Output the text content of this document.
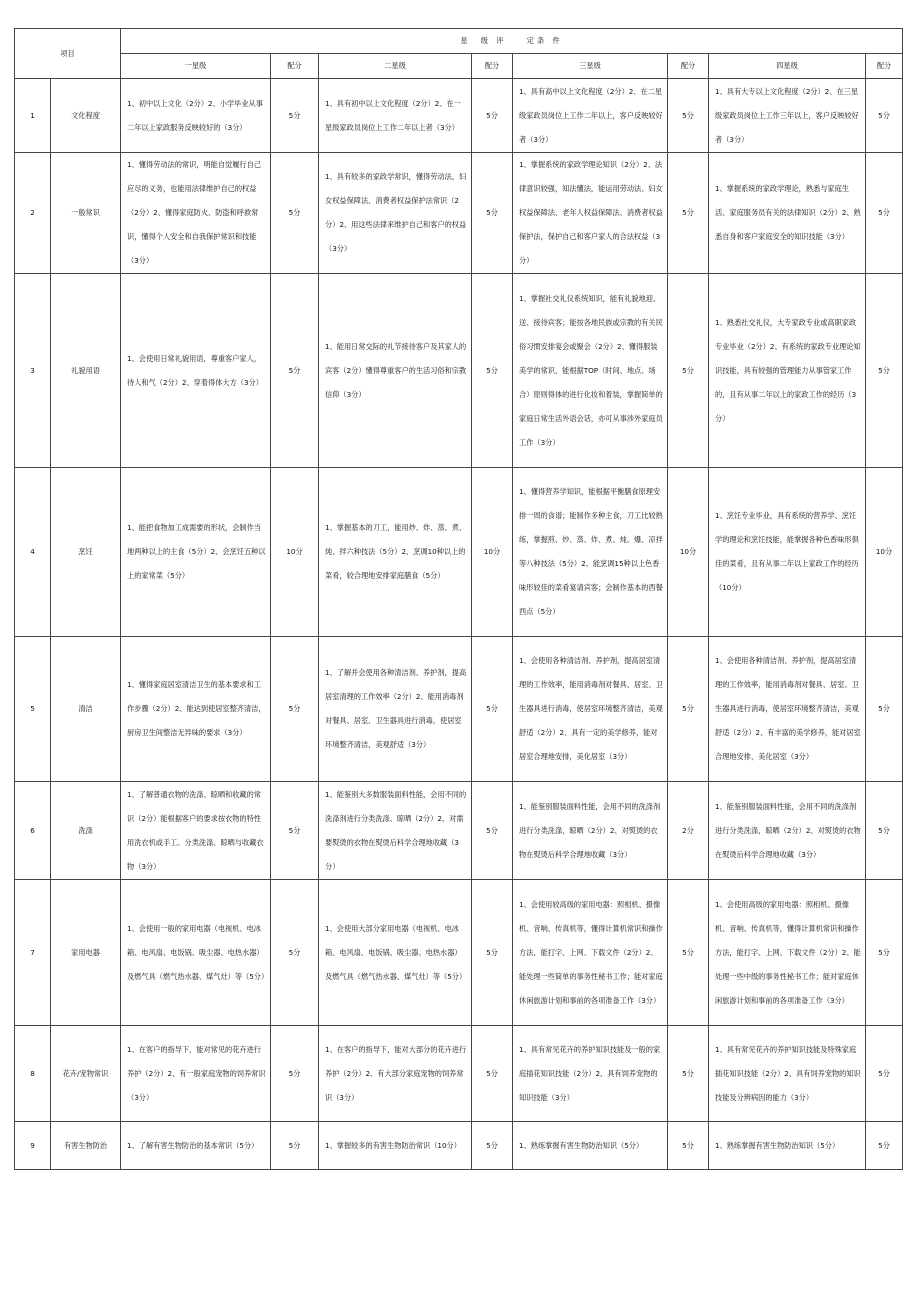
项目		星　级 评　　定条 件							
		一星级	配分	二星级	配分	三星级	配分	四星级	配分
1	文化程度	1、初中以上文化（2分）2、小学毕业从事二年以上家政服务反映较好的（3分）	5分	1、具有初中以上文化程度（2分）2、在一星级家政员岗位上工作二年以上者（3分）	5分	1、具有高中以上文化程度（2分）2、在二星级家政员岗位上工作二年以上，客户反映较好者（3分）	5分	1、具有大专以上文化程度（2分）2、在三星级家政员岗位上工作三年以上，客户反映较好者（3分）	5分
2	一般常识	1、懂得劳动法的常识，明能自觉履行自己应尽的义务，也能用法律维护自己的权益（2分）2、懂得家庭防火、防盗和呼救常识，懂得个人安全和自我保护常识和技能（3分）	5分	1、具有较多的家政学常识，懂得劳动法，妇女权益保障法、消费者权益保护法常识（2分）2、用这些法律来维护自己和客户的权益（3分）	5分	1、掌握系统的家政学理论知识（2分）2、法律意识较强，知法懂法，能运用劳动法、妇女权益保障法、老年人权益保障法、消费者权益保护法，保护自己和客户家人的合法权益（3分）	5分	1、掌握系统的家政学理论，熟悉与家庭生活、家庭服务员有关的法律知识（2分）2、熟悉自身和客户家庭安全的知识技能（3分）	5分
3	礼貌用语	1、会使用日常礼貌用语，尊重客户家人，待人和气（2分）2、穿着得体大方（3分）	5分	1、能用日常交际的礼节接待客户及其家人的宾客（2分）懂得尊重客户的生活习俗和宗教信仰（3分）	5分	1、掌握社交礼仪系统知识，能有礼貌地迎、送、接待宾客；能按各地民族或宗教的有关民俗习惯安排宴会或聚会（2分）2、懂得服装美学的常识，能根据TOP（时间、地点、场合）原则得体的进行化妆和着装，掌握简单的家庭日常生活外语会话，亦可从事涉外家庭员工作（3分）	5分	1、熟悉社交礼仪，大专家政专业或高职家政专业毕业（2分）2、有系统的家政专业理论知识技能，具有较强的管理能力从事管家工作的，且有从事二年以上的家政工作的经历（3分）	5分
4	烹饪	1、能把食物加工成需要的形状，会制作当地两种以上的主食（5分）2、会烹饪五种以上的家常菜（5分）	10分	1、掌握基本的刀工，能用炒、炸、蒸、煮、炖、拌六种技法（5分）2、烹调10种以上的菜肴，较合理地安排家庭膳食（5分）	10分	1、懂得营养学知识，能根据平衡膳食原理安排一周的食谱；能制作多种主食，刀工比较熟练，掌握煎、炒、蒸、炸、煮、炖、爆、凉拌等八种技法（5分）2、能烹调15种以上色香味形较佳的菜肴宴请宾客；会制作基本的西餐西点（5分）	10分	1、烹饪专业毕业，具有系统的营养学、烹饪学的理论和烹饪技能，能掌握各种色香味形俱佳的菜肴，且有从事二年以上家政工作的经历（10分）	10分
5	清洁	1、懂得家庭居室清洁卫生的基本要求和工作步骤（2分）2、能达到使居室整齐清洁，厨房卫生间整洁无异味的要求（3分）	5分	1、了解并会使用各种清洁剂、养护剂，提高居室清理的工作效率（2分）2、能用消毒剂对餐具、居室、卫生器具进行消毒，使居室环境整齐清洁，美观舒适（3分）	5分	1、会使用各种清洁剂、养护剂，提高居室清理的工作效率，能用消毒剂对餐具、居室、卫生器具进行消毒，使居室环境整齐清洁，美观舒适（2分）2、具有一定的美学修养，能对居室合理地安排，美化居室（3分）	5分	1、会使用各种清洁剂、养护剂，提高居室清理的工作效率，能用消毒剂对餐具、居室、卫生器具进行消毒，使居室环境整齐清洁，美观舒适（2分）2、有丰富的美学修养，能对居室合理地安排，美化居室（3分）	5分
6	洗涤	1、了解普通衣物的洗涤、晾晒和收藏的常识（2分）能根据客户的要求按衣物的特性用洗衣机或手工。分类洗涤、晾晒与收藏衣物（3分）	5分	1、能鉴别大多数服装面料性能，会用不同的洗涤剂进行分类洗涤、晾晒（2分）2、对需要熨烫的衣物在熨烫后科学合理地收藏（3分）	5分	1、能鉴别服装面料性能，会用不同的洗涤剂进行分类洗涤，晾晒（2分）2、对熨烫的衣物在熨烫后科学合理地收藏（3分）	2分	1、能鉴别服装面料性能，会用不同的洗涤剂进行分类洗涤，晾晒（2分）2、对熨烫的衣物在熨烫后科学合理地收藏（3分）	5分
7	家用电器	1、会使用一般的家用电器（电视机、电冰箱、电风扇、电饭锅、吸尘器、电热水器）及燃气具（燃气热水器、煤气灶）等（5分）	5分	1、会使用大部分家用电器（电视机、电冰箱、电风扇、电饭锅、吸尘器、电热水器）及燃气具（燃气热水器、煤气灶）等（5分）	5分	1、会使用较高级的家用电器：照相机、摄像机、音响、传真机等，懂得计算机常识和操作方法，能打字、上网、下载文件（2分）2、能处理一些简单的事务性秘书工作；能对家庭休闲旅游计划和事前的各项准备工作（3分）	5分	1、会使用高级的家用电器：照相机、摄像机、音响、传真机等，懂得计算机常识和操作方法，能打字、上网、下载文件（2分）2、能处理一些中级的事务性秘书工作；能对家庭休闲旅游计划和事前的各项准备工作（3分）	5分
8	花卉/宠物常识	1、在客户的指导下，能对常见的花卉进行养护（2分）2、有一般家庭宠物的饲养常识（3分）	5分	1、在客户的指导下，能对大部分的花卉进行养护（2分）2、有大部分家庭宠物的饲养常识（3分）	5分	1、具有常见花卉的养护知识技能及一般的家庭插花知识技能（2分）2、具有饲养宠物的知识技能（3分）	5分	1、具有常见花卉的养护知识技能及特殊家庭插花知识技能（2分）2、具有饲养宠物的知识技能及分辨病因的能力（3分）	5分
9	有害生物防治	1、了解有害生物防治的基本常识（5分）	5分	1、掌握较多的有害生物防治常识（10分）	5分	1、熟练掌握有害生物防治知识（5分）	5分	1、熟练掌握有害生物防治知识（5分）	5分
